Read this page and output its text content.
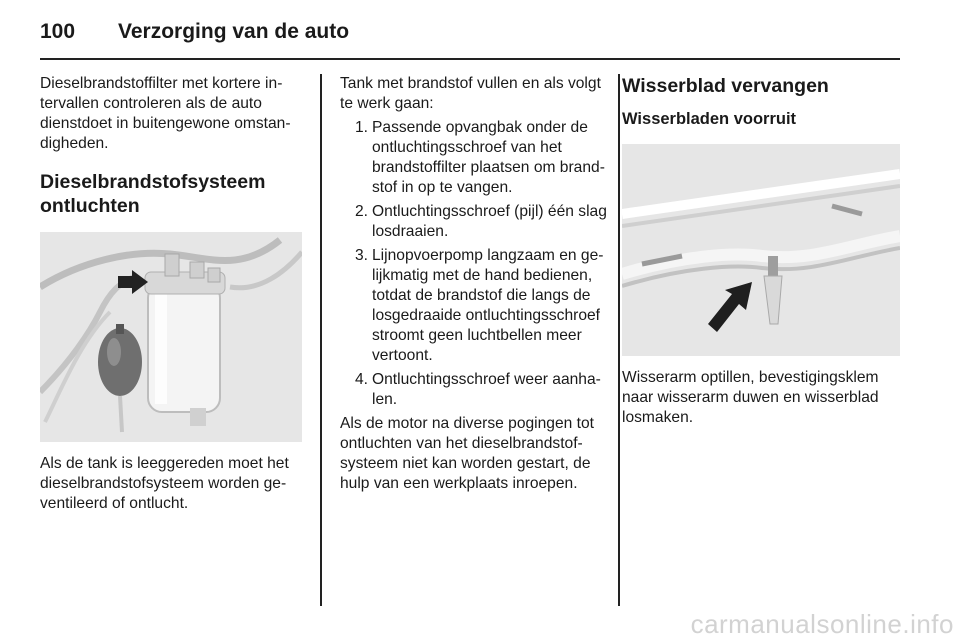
100 Verzorging van de auto

Dieselbrandstoffilter met kortere in-
tervallen controleren als de auto
dienstdoet in buitengewone omstan-
digheden.

Dieselbrandstofsysteem
ontluchten

Als de tank is leeggereden moet het
dieselbrandstofsysteem worden ge-
ventileerd of ontlucht.

Tank met brandstof vullen en als volgt
te werk gaan:

1. Passende opvangbak onder de
ontluchtingsschroef van het
brandstoffilter plaatsen om brand-
stof in op te vangen.
2. Ontluchtingsschroef (pijl) één slag
losdraaien.
3. Lijnopvoerpomp langzaam en ge-
lijkmatig met de hand bedienen,
totdat de brandstof die langs de
losgedraaide ontluchtingsschroef
stroomt geen luchtbellen meer
vertoont.
4. Ontluchtingsschroef weer aanha-
len.

Als de motor na diverse pogingen tot
ontluchten van het dieselbrandstof-
systeem niet kan worden gestart, de
hulp van een werkplaats inroepen.

Wisserblad vervangen
Wisserbladen voorruit

Wisserarm optillen, bevestigingsklem
naar wisserarm duwen en wisserblad
losmaken.

carmanualsonline.info
